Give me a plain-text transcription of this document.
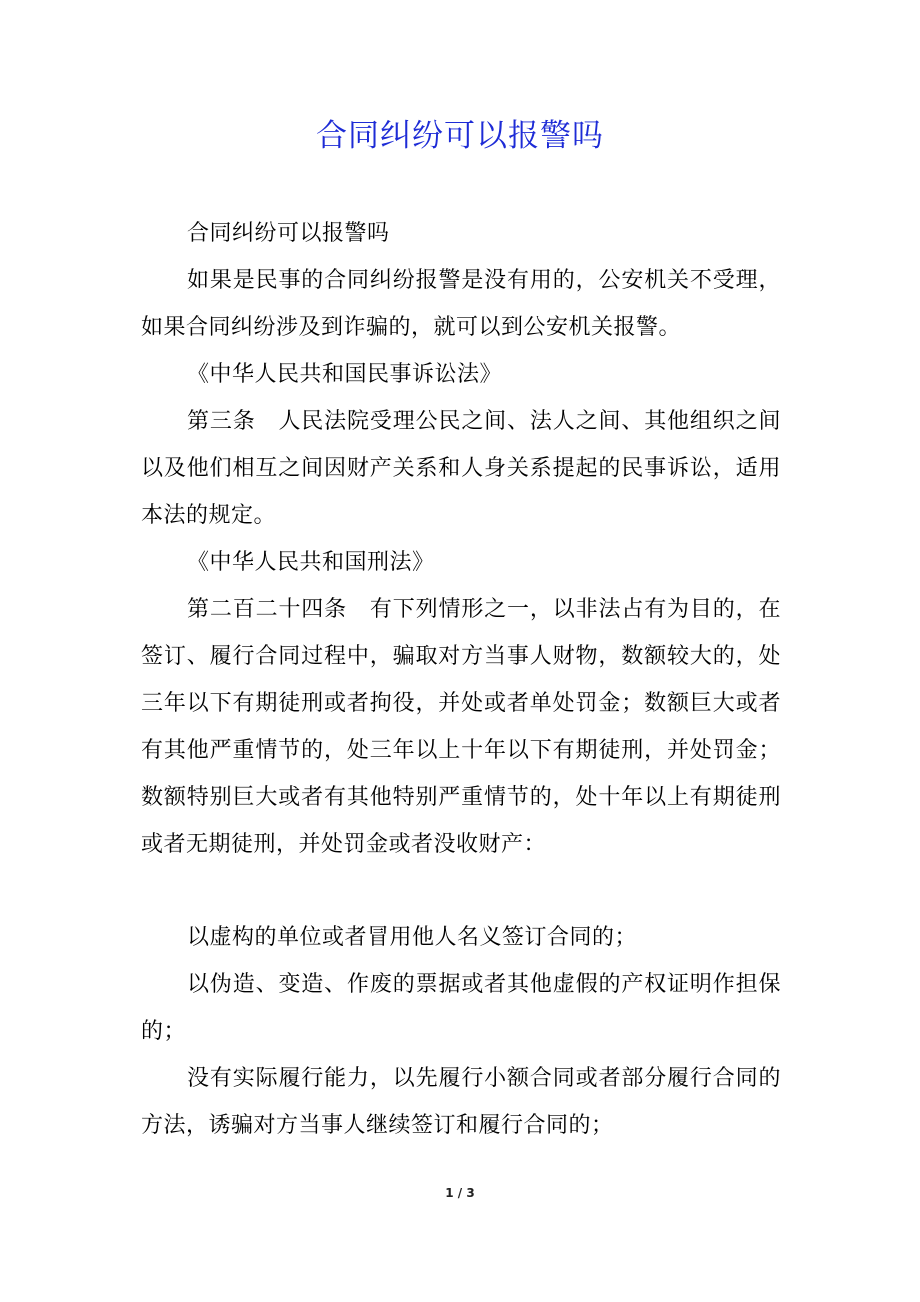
合同纠纷可以报警吗

合同纠纷可以报警吗

如果是民事的合同纠纷报警是没有用的，公安机关不受理，如果合同纠纷涉及到诈骗的，就可以到公安机关报警。

《中华人民共和国民事诉讼法》

第三条　人民法院受理公民之间、法人之间、其他组织之间以及他们相互之间因财产关系和人身关系提起的民事诉讼，适用本法的规定。

《中华人民共和国刑法》

第二百二十四条　有下列情形之一，以非法占有为目的，在签订、履行合同过程中，骗取对方当事人财物，数额较大的，处三年以下有期徒刑或者拘役，并处或者单处罚金；数额巨大或者有其他严重情节的，处三年以上十年以下有期徒刑，并处罚金；数额特别巨大或者有其他特别严重情节的，处十年以上有期徒刑或者无期徒刑，并处罚金或者没收财产：

以虚构的单位或者冒用他人名义签订合同的；

以伪造、变造、作废的票据或者其他虚假的产权证明作担保的；

没有实际履行能力，以先履行小额合同或者部分履行合同的方法，诱骗对方当事人继续签订和履行合同的；

1 / 3
